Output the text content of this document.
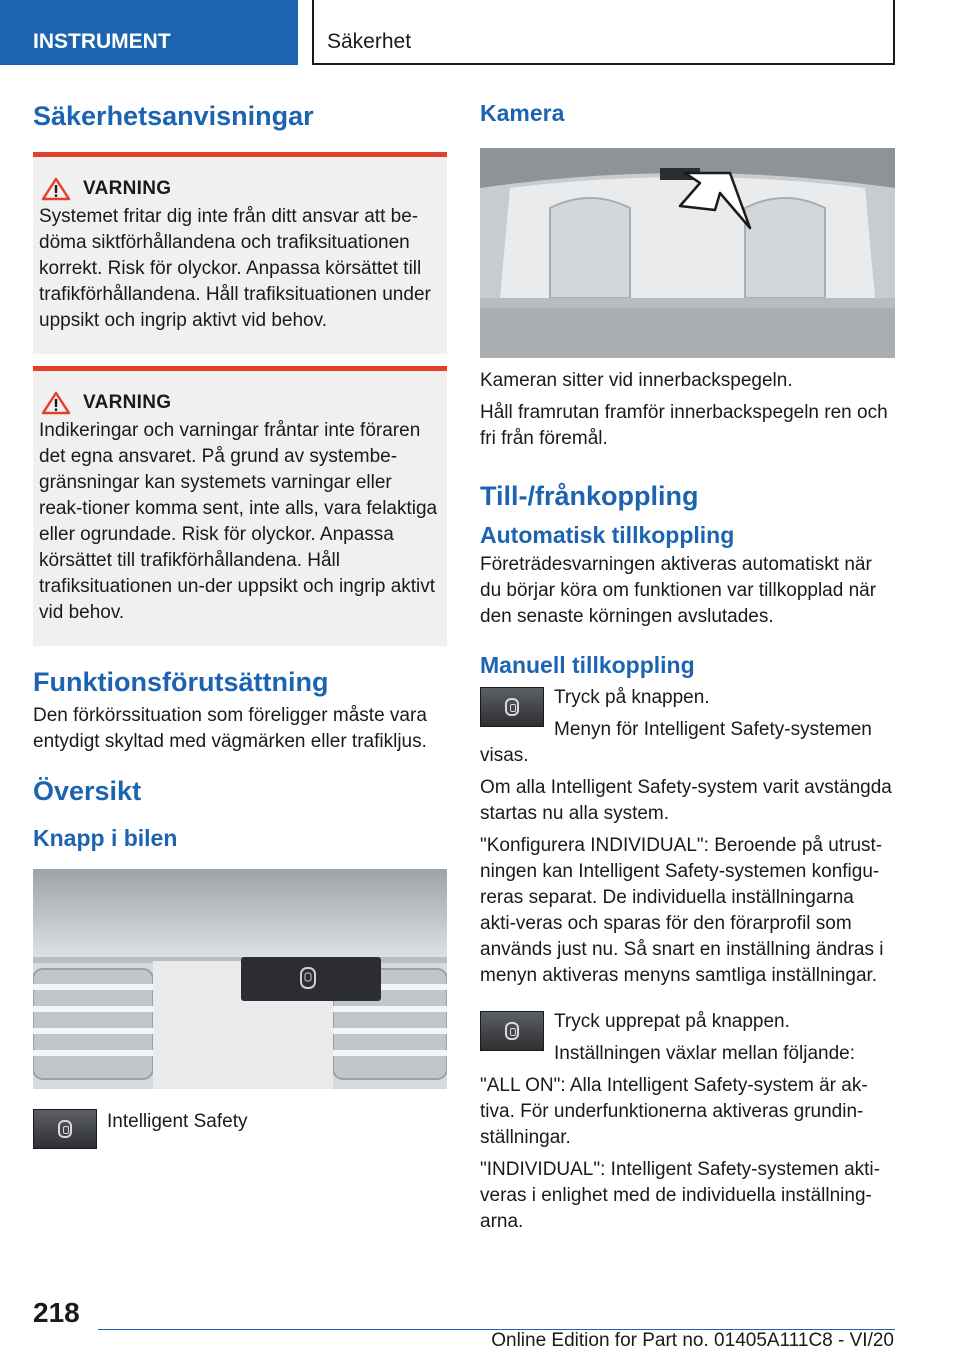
INSTRUMENT	Säkerhet
Säkerhetsanvisningar
VARNING

Systemet fritar dig inte från ditt ansvar att be-döma siktförhållandena och trafiksituationen korrekt. Risk för olyckor. Anpassa körsättet till trafikförhållandena. Håll trafiksituationen under uppsikt och ingrip aktivt vid behov.

VARNING

Indikeringar och varningar fråntar inte föraren det egna ansvaret. På grund av systembe-gränsningar kan systemets varningar eller reak-tioner komma sent, inte alls, vara felaktiga eller ogrundade. Risk för olyckor. Anpassa körsättet till trafikförhållandena. Håll trafiksituationen un-der uppsikt och ingrip aktivt vid behov.

Funktionsförutsättning

Den förkörssituation som föreligger måste vara entydigt skyltad med vägmärken eller trafikljus.

Översikt
Knapp i bilen

Intelligent Safety

Kamera

Kameran sitter vid innerbackspegeln.

Håll framrutan framför innerbackspegeln ren och fri från föremål.

Till-/frånkoppling
Automatisk tillkoppling

Företrädesvarningen aktiveras automatiskt när du börjar köra om funktionen var tillkopplad när den senaste körningen avslutades.

Manuell tillkoppling

Tryck på knappen.

Menyn för Intelligent Safety-systemen visas.

Om alla Intelligent Safety-system varit avstängda startas nu alla system.

"Konfigurera INDIVIDUAL": Beroende på utrust-ningen kan Intelligent Safety-systemen konfigu-reras separat. De individuella inställningarna akti-veras och sparas för den förarprofil som används just nu. Så snart en inställning ändras i menyn aktiveras menyns samtliga inställningar.

Tryck upprepat på knappen.

Inställningen växlar mellan följande:

"ALL ON": Alla Intelligent Safety-system är ak-tiva. För underfunktionerna aktiveras grundin-ställningar.

"INDIVIDUAL": Intelligent Safety-systemen akti-veras i enlighet med de individuella inställning-arna.

218
Online Edition for Part no. 01405A111C8 - VI/20
